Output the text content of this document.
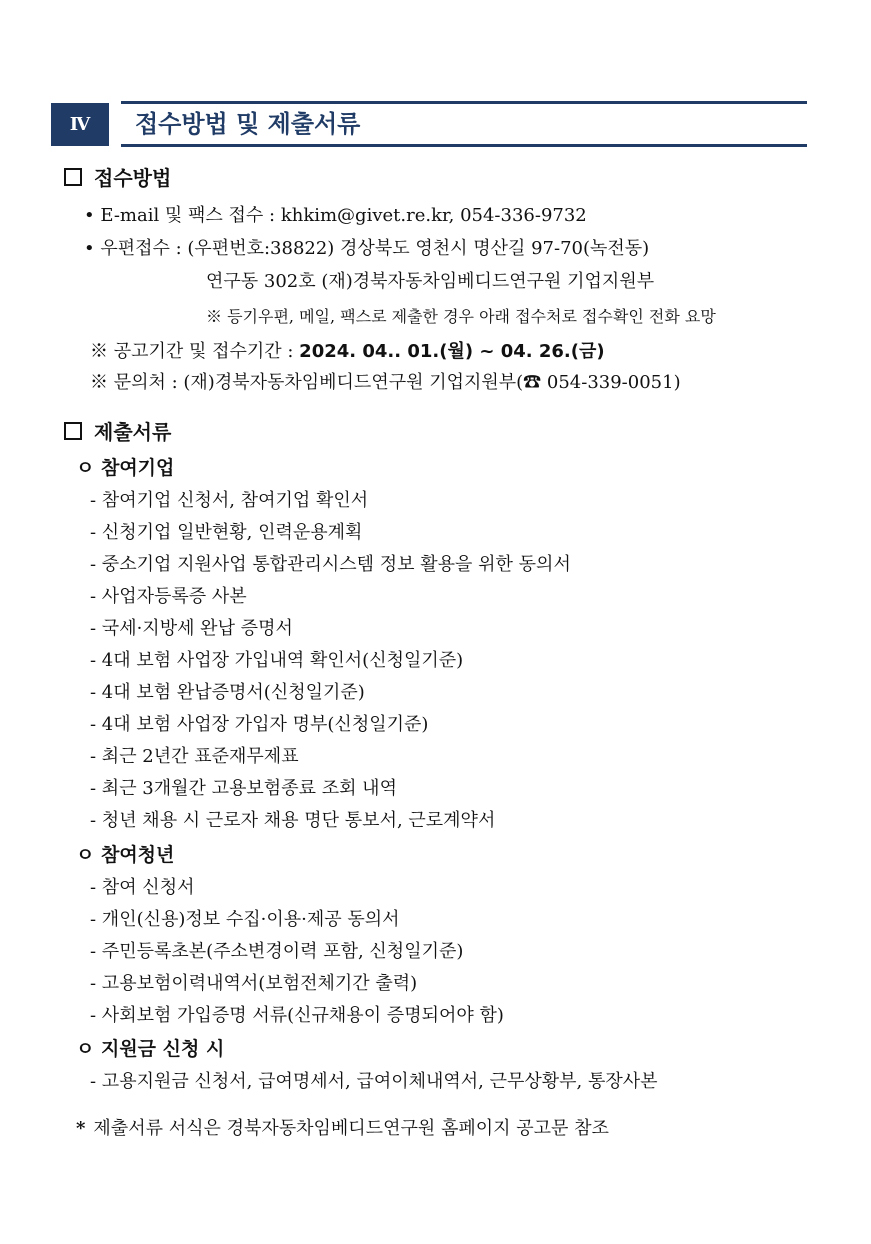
Ⅳ	접수방법 및 제출서류
접수방법
• E-mail 및 팩스 접수 : khkim@givet.re.kr, 054-336-9732
• 우편접수 : (우편번호:38822) 경상북도 영천시 명산길 97-70(녹전동)
연구동 302호 (재)경북자동차임베디드연구원 기업지원부
※ 등기우편, 메일, 팩스로 제출한 경우 아래 접수처로 접수확인 전화 요망
※ 공고기간 및 접수기간 : 2024. 04.. 01.(월) ~ 04. 26.(금)
※ 문의처 : (재)경북자동차임베디드연구원 기업지원부(☎ 054-339-0051)
제출서류
ㅇ 참여기업
- 참여기업 신청서, 참여기업 확인서
- 신청기업 일반현황, 인력운용계획
- 중소기업 지원사업 통합관리시스템 정보 활용을 위한 동의서
- 사업자등록증 사본
- 국세·지방세 완납 증명서
- 4대 보험 사업장 가입내역 확인서(신청일기준)
- 4대 보험 완납증명서(신청일기준)
- 4대 보험 사업장 가입자 명부(신청일기준)
- 최근 2년간 표준재무제표
- 최근 3개월간 고용보험종료 조회 내역
- 청년 채용 시 근로자 채용 명단 통보서, 근로계약서
ㅇ 참여청년
- 참여 신청서
- 개인(신용)정보 수집·이용·제공 동의서
- 주민등록초본(주소변경이력 포함, 신청일기준)
- 고용보험이력내역서(보험전체기간 출력)
- 사회보험 가입증명 서류(신규채용이 증명되어야 함)
ㅇ 지원금 신청 시
- 고용지원금 신청서, 급여명세서, 급여이체내역서, 근무상황부, 통장사본
* 제출서류 서식은 경북자동차임베디드연구원 홈페이지 공고문 참조
